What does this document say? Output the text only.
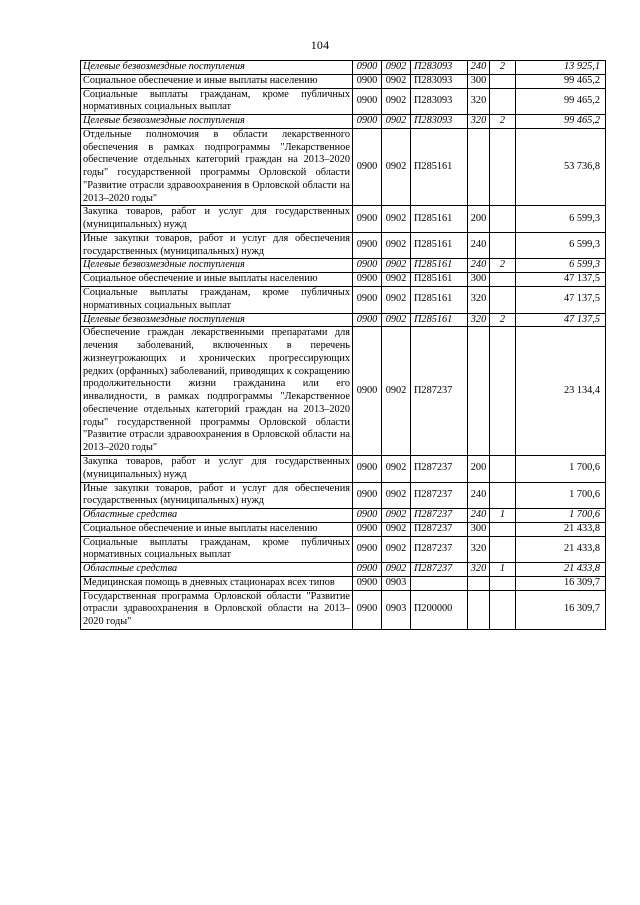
104
Целевые безвозмездные поступления	0900	0902	П283093	240	2	13 925,1
Социальное обеспечение и иные выплаты населению	0900	0902	П283093	300		99 465,2
Социальные выплаты гражданам, кроме публичных нормативных социальных выплат	0900	0902	П283093	320		99 465,2
Целевые безвозмездные поступления	0900	0902	П283093	320	2	99 465,2
Отдельные полномочия в области лекарственного обеспечения в рамках подпрограммы "Лекарственное обеспечение отдельных категорий граждан на 2013–2020 годы" государственной программы Орловской области "Развитие отрасли здравоохранения в Орловской области на 2013–2020 годы"	0900	0902	П285161			53 736,8
Закупка товаров, работ и услуг для государственных (муниципальных) нужд	0900	0902	П285161	200		6 599,3
Иные закупки товаров, работ и услуг для обеспечения государственных (муниципальных) нужд	0900	0902	П285161	240		6 599,3
Целевые безвозмездные поступления	0900	0902	П285161	240	2	6 599,3
Социальное обеспечение и иные выплаты населению	0900	0902	П285161	300		47 137,5
Социальные выплаты гражданам, кроме публичных нормативных социальных выплат	0900	0902	П285161	320		47 137,5
Целевые безвозмездные поступления	0900	0902	П285161	320	2	47 137,5
Обеспечение граждан лекарственными препаратами для лечения заболеваний, включенных в перечень жизнеугрожающих и хронических прогрессирующих редких (орфанных) заболеваний, приводящих к сокращению продолжительности жизни гражданина или его инвалидности, в рамках подпрограммы "Лекарственное обеспечение отдельных категорий граждан на 2013–2020 годы" государственной программы Орловской области "Развитие отрасли здравоохранения в Орловской области на 2013–2020 годы"	0900	0902	П287237			23 134,4
Закупка товаров, работ и услуг для государственных (муниципальных) нужд	0900	0902	П287237	200		1 700,6
Иные закупки товаров, работ и услуг для обеспечения государственных (муниципальных) нужд	0900	0902	П287237	240		1 700,6
Областные средства	0900	0902	П287237	240	1	1 700,6
Социальное обеспечение и иные выплаты населению	0900	0902	П287237	300		21 433,8
Социальные выплаты гражданам, кроме публичных нормативных социальных выплат	0900	0902	П287237	320		21 433,8
Областные средства	0900	0902	П287237	320	1	21 433,8
Медицинская помощь в дневных стационарах всех типов	0900	0903				16 309,7
Государственная программа Орловской области "Развитие отрасли здравоохранения в Орловской области на 2013–2020 годы"	0900	0903	П200000			16 309,7
